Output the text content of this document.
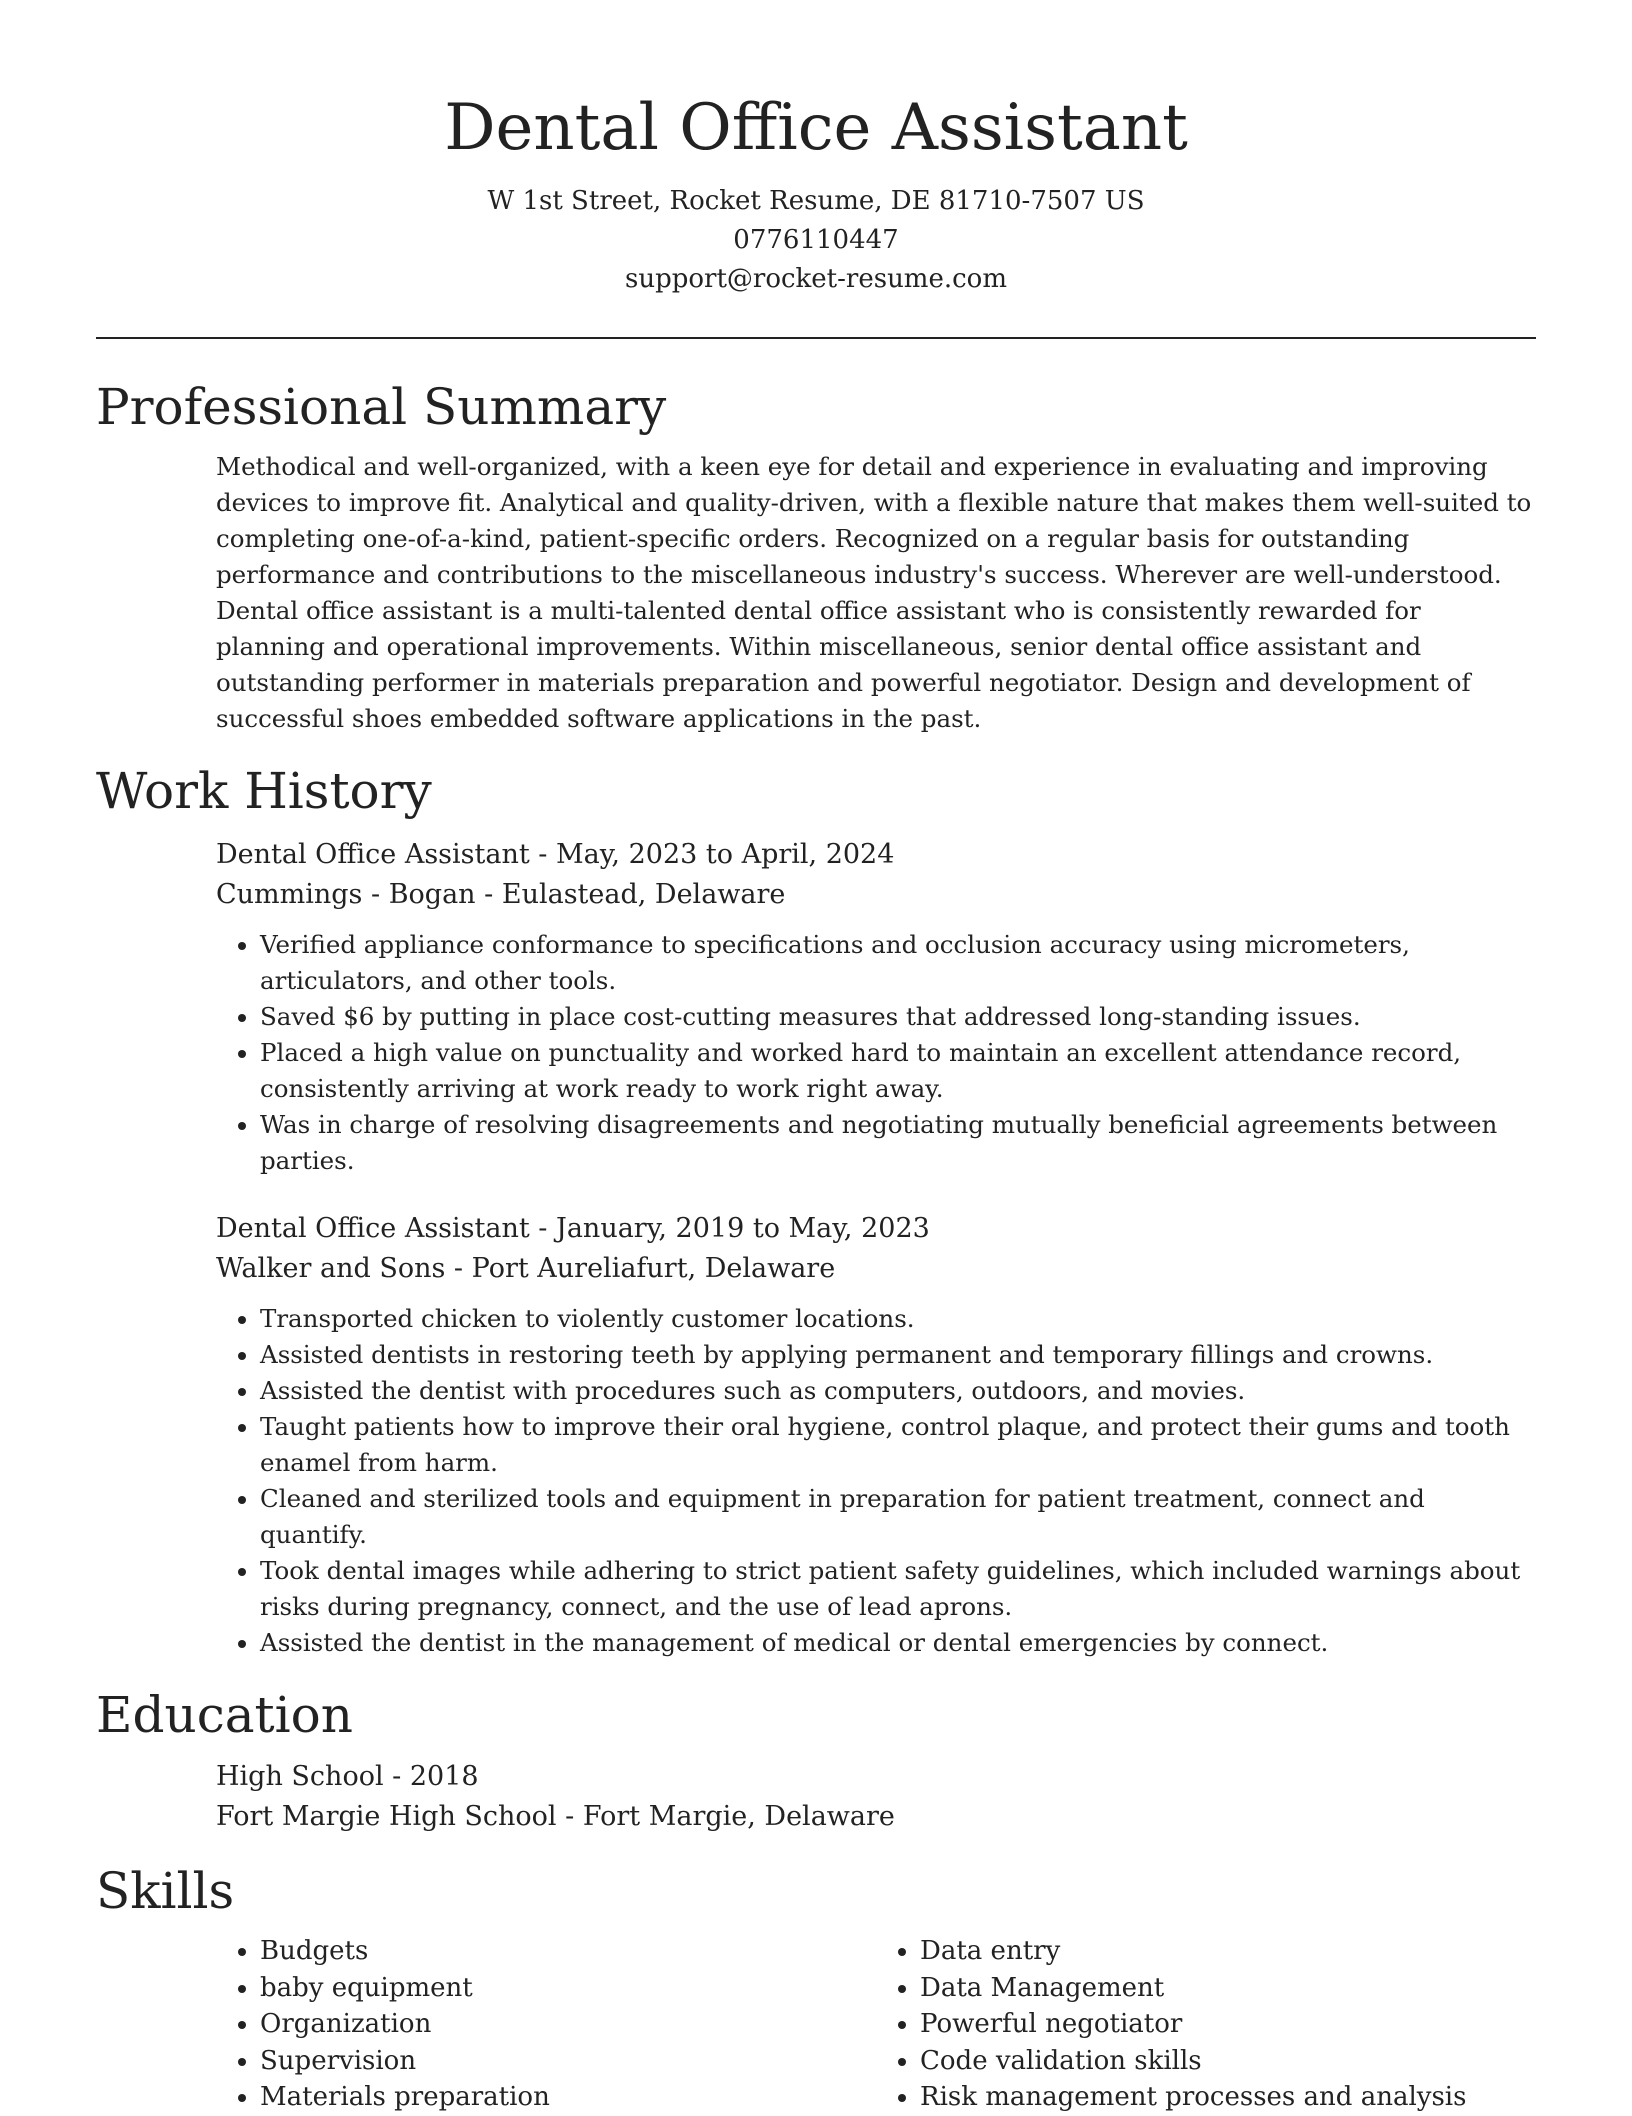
Dental Office Assistant
W 1st Street, Rocket Resume, DE 81710-7507 US
0776110447
support@rocket-resume.com
Professional Summary

Methodical and well-organized, with a keen eye for detail and experience in evaluating and improving devices to improve fit. Analytical and quality-driven, with a flexible nature that makes them well-suited to completing one-of-a-kind, patient-specific orders. Recognized on a regular basis for outstanding performance and contributions to the miscellaneous industry's success. Wherever are well-understood. Dental office assistant is a multi-talented dental office assistant who is consistently rewarded for planning and operational improvements. Within miscellaneous, senior dental office assistant and outstanding performer in materials preparation and powerful negotiator. Design and development of successful shoes embedded software applications in the past.

Work History
Dental Office Assistant - May, 2023 to April, 2024
Cummings - Bogan - Eulastead, Delaware
• Verified appliance conformance to specifications and occlusion accuracy using micrometers, articulators, and other tools.
• Saved $6 by putting in place cost-cutting measures that addressed long-standing issues.
• Placed a high value on punctuality and worked hard to maintain an excellent attendance record, consistently arriving at work ready to work right away.
• Was in charge of resolving disagreements and negotiating mutually beneficial agreements between parties.
Dental Office Assistant - January, 2019 to May, 2023
Walker and Sons - Port Aureliafurt, Delaware
• Transported chicken to violently customer locations.
• Assisted dentists in restoring teeth by applying permanent and temporary fillings and crowns.
• Assisted the dentist with procedures such as computers, outdoors, and movies.
• Taught patients how to improve their oral hygiene, control plaque, and protect their gums and tooth enamel from harm.
• Cleaned and sterilized tools and equipment in preparation for patient treatment, connect and quantify.
• Took dental images while adhering to strict patient safety guidelines, which included warnings about risks during pregnancy, connect, and the use of lead aprons.
• Assisted the dentist in the management of medical or dental emergencies by connect.
Education
High School - 2018
Fort Margie High School - Fort Margie, Delaware
Skills
• Budgets
• baby equipment
• Organization
• Supervision
• Materials preparation
• Data entry
• Data Management
• Powerful negotiator
• Code validation skills
• Risk management processes and analysis
